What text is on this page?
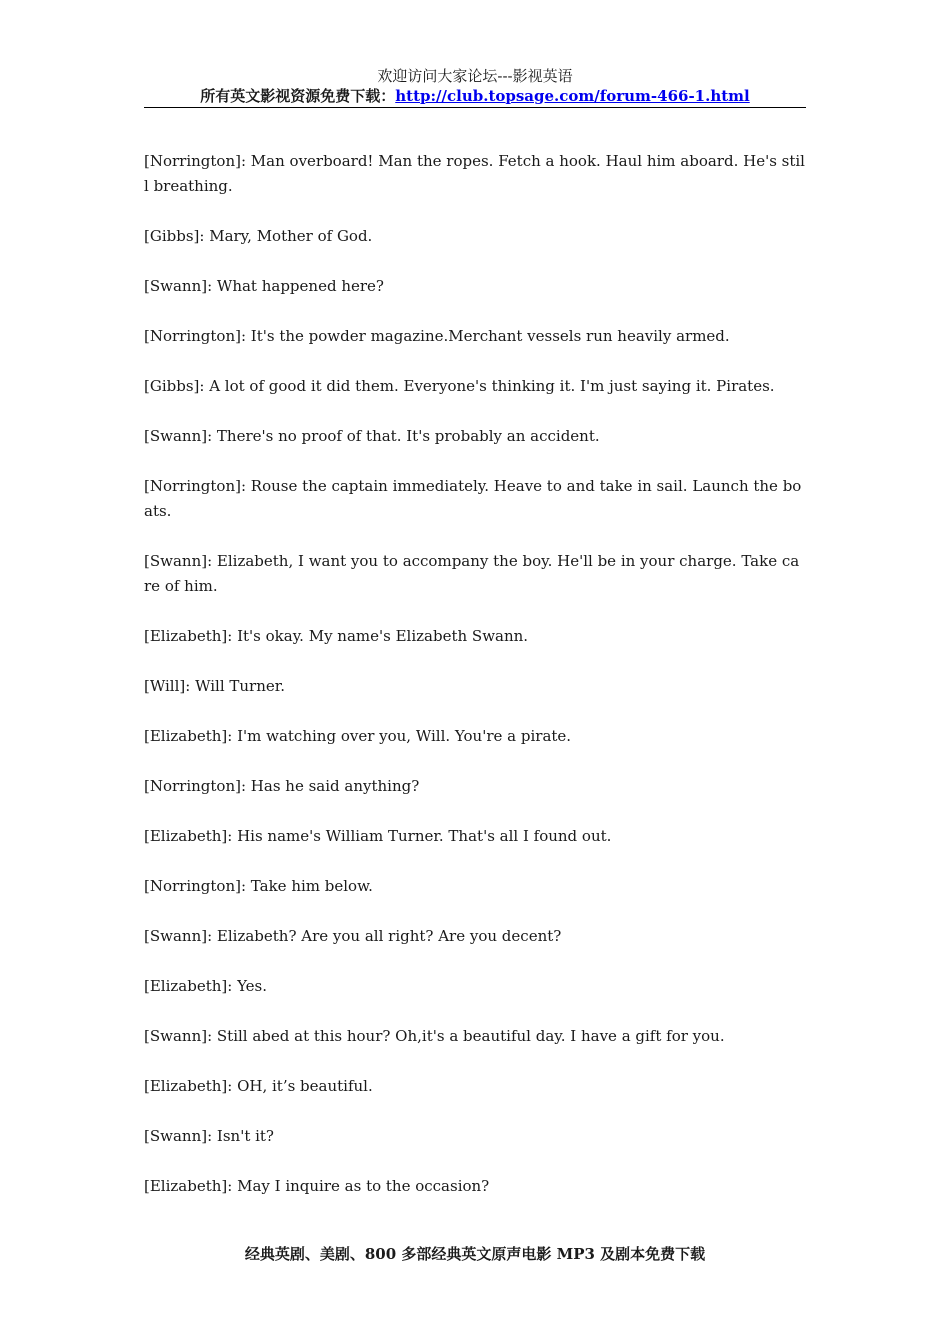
欢迎访问大家论坛---影视英语
所有英文影视资源免费下载：http://club.topsage.com/forum-466-1.html

[Norrington]: Man overboard! Man the ropes. Fetch a hook. Haul him aboard. He's still breathing.

[Gibbs]: Mary, Mother of God.

[Swann]: What happened here?

[Norrington]: It's the powder magazine.Merchant vessels run heavily armed.

[Gibbs]: A lot of good it did them. Everyone's thinking it. I'm just saying it. Pirates.

[Swann]: There's no proof of that. It's probably an accident.

[Norrington]: Rouse the captain immediately. Heave to and take in sail. Launch the boats.

[Swann]: Elizabeth, I want you to accompany the boy. He'll be in your charge. Take care of him.

[Elizabeth]: It's okay. My name's Elizabeth Swann.

[Will]: Will Turner.

[Elizabeth]: I'm watching over you, Will. You're a pirate.

[Norrington]: Has he said anything?

[Elizabeth]: His name's William Turner. That's all I found out.

[Norrington]: Take him below.

[Swann]: Elizabeth? Are you all right? Are you decent?

[Elizabeth]: Yes.

[Swann]: Still abed at this hour? Oh,it's a beautiful day. I have a gift for you.

[Elizabeth]: OH, it’s beautiful.

[Swann]: Isn't it?

[Elizabeth]: May I inquire as to the occasion?

经典英剧、美剧、800 多部经典英文原声电影 MP3 及剧本免费下载
